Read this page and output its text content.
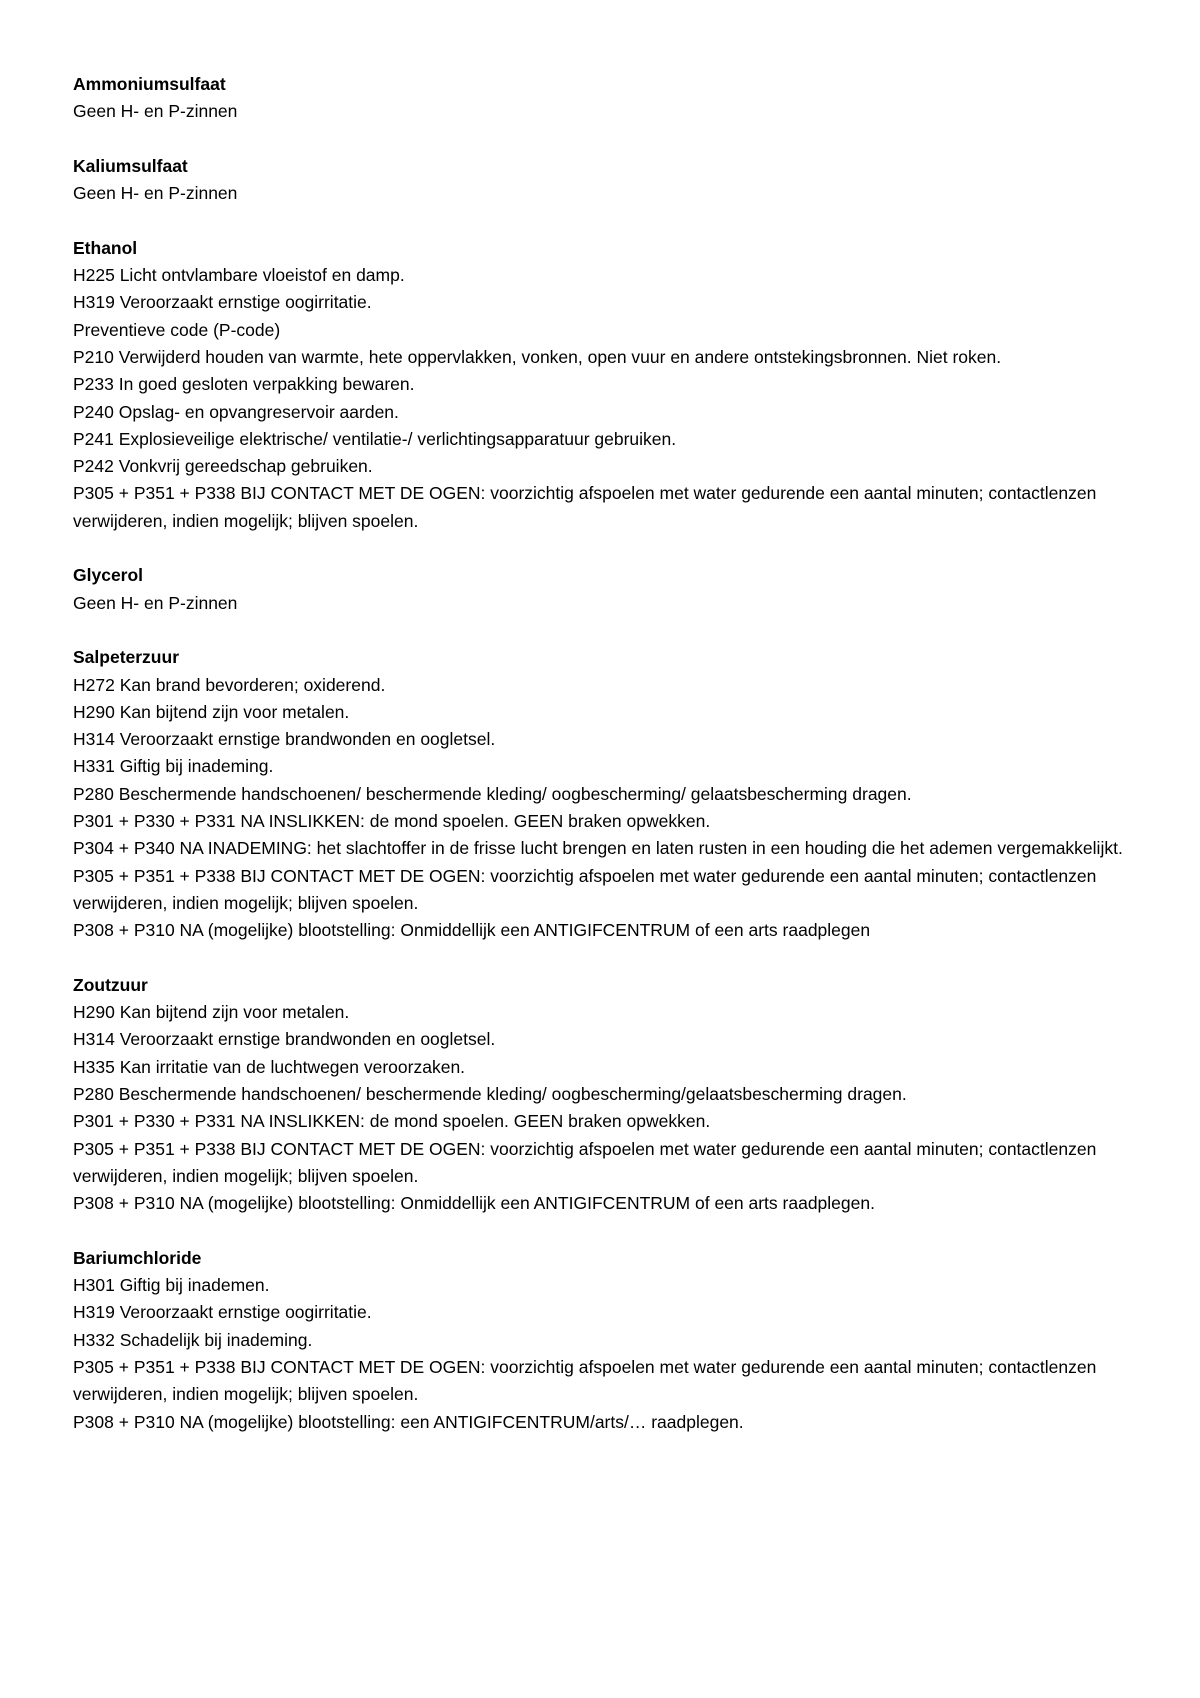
Ammoniumsulfaat
Geen H- en P-zinnen
Kaliumsulfaat
Geen H- en P-zinnen
Ethanol
H225 Licht ontvlambare vloeistof en damp.
H319 Veroorzaakt ernstige oogirritatie.
Preventieve code (P-code)
P210 Verwijderd houden van warmte, hete oppervlakken, vonken, open vuur en andere ontstekingsbronnen. Niet roken.
P233 In goed gesloten verpakking bewaren.
P240 Opslag- en opvangreservoir aarden.
P241 Explosieveilige elektrische/ ventilatie-/ verlichtingsapparatuur gebruiken.
P242 Vonkvrij gereedschap gebruiken.
P305 + P351 + P338 BIJ CONTACT MET DE OGEN: voorzichtig afspoelen met water gedurende een aantal minuten; contactlenzen verwijderen, indien mogelijk; blijven spoelen.
Glycerol
Geen H- en P-zinnen
Salpeterzuur
H272 Kan brand bevorderen; oxiderend.
H290 Kan bijtend zijn voor metalen.
H314 Veroorzaakt ernstige brandwonden en oogletsel.
H331 Giftig bij inademing.
P280 Beschermende handschoenen/ beschermende kleding/ oogbescherming/ gelaatsbescherming dragen.
P301 + P330 + P331 NA INSLIKKEN: de mond spoelen. GEEN braken opwekken.
P304 + P340 NA INADEMING: het slachtoffer in de frisse lucht brengen en laten rusten in een houding die het ademen vergemakkelijkt.
P305 + P351 + P338 BIJ CONTACT MET DE OGEN: voorzichtig afspoelen met water gedurende een aantal minuten; contactlenzen verwijderen, indien mogelijk; blijven spoelen.
P308 + P310 NA (mogelijke) blootstelling: Onmiddellijk een ANTIGIFCENTRUM of een arts raadplegen
Zoutzuur
H290 Kan bijtend zijn voor metalen.
H314 Veroorzaakt ernstige brandwonden en oogletsel.
H335 Kan irritatie van de luchtwegen veroorzaken.
P280 Beschermende handschoenen/ beschermende kleding/ oogbescherming/gelaatsbescherming dragen.
P301 + P330 + P331 NA INSLIKKEN: de mond spoelen. GEEN braken opwekken.
P305 + P351 + P338 BIJ CONTACT MET DE OGEN: voorzichtig afspoelen met water gedurende een aantal minuten; contactlenzen verwijderen, indien mogelijk; blijven spoelen.
P308 + P310 NA (mogelijke) blootstelling: Onmiddellijk een ANTIGIFCENTRUM of een arts raadplegen.
Bariumchloride
H301 Giftig bij inademen.
H319 Veroorzaakt ernstige oogirritatie.
H332 Schadelijk bij inademing.
P305 + P351 + P338 BIJ CONTACT MET DE OGEN: voorzichtig afspoelen met water gedurende een aantal minuten; contactlenzen verwijderen, indien mogelijk; blijven spoelen.
P308 + P310 NA (mogelijke) blootstelling: een ANTIGIFCENTRUM/arts/… raadplegen.
